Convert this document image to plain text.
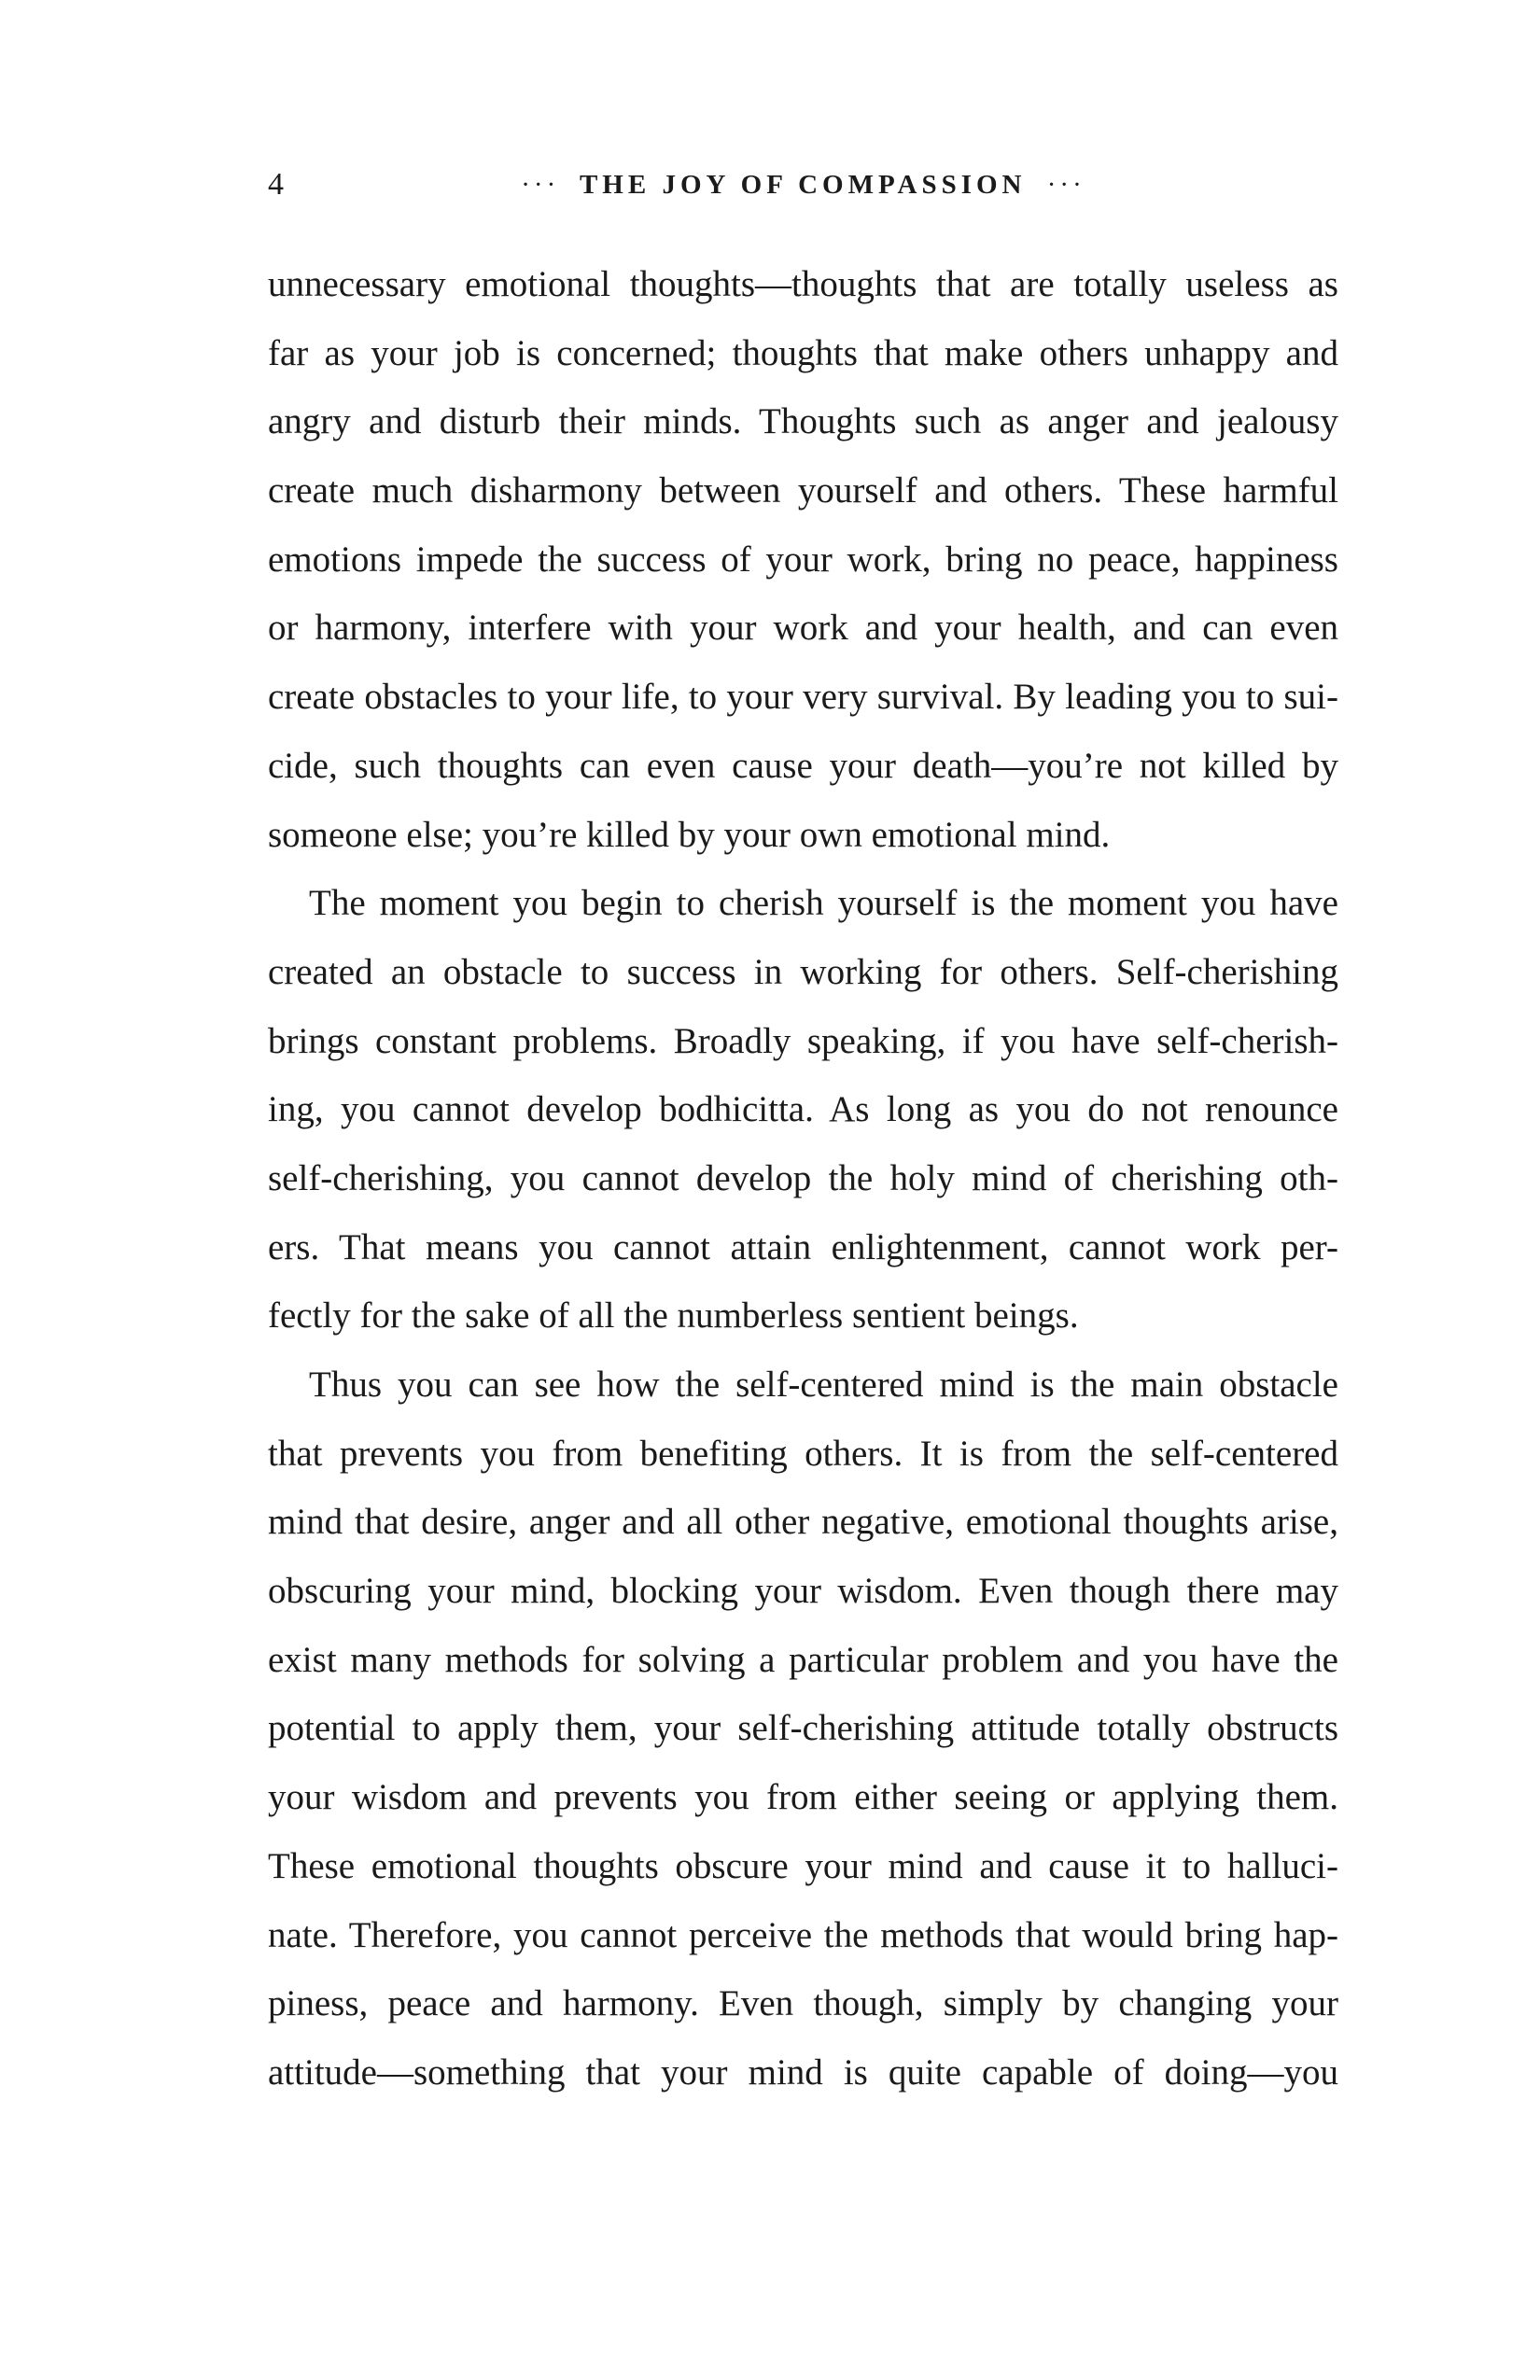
4	··· THE JOY OF COMPASSION ···
unnecessary emotional thoughts—thoughts that are totally useless as
far as your job is concerned; thoughts that make others unhappy and
angry and disturb their minds. Thoughts such as anger and jealousy
create much disharmony between yourself and others. These harmful
emotions impede the success of your work, bring no peace, happiness
or harmony, interfere with your work and your health, and can even
create obstacles to your life, to your very survival. By leading you to sui-
cide, such thoughts can even cause your death—you’re not killed by
someone else; you’re killed by your own emotional mind.
The moment you begin to cherish yourself is the moment you have
created an obstacle to success in working for others. Self-cherishing
brings constant problems. Broadly speaking, if you have self-cherish-
ing, you cannot develop bodhicitta. As long as you do not renounce
self-cherishing, you cannot develop the holy mind of cherishing oth-
ers. That means you cannot attain enlightenment, cannot work per-
fectly for the sake of all the numberless sentient beings.
Thus you can see how the self-centered mind is the main obstacle
that prevents you from benefiting others. It is from the self-centered
mind that desire, anger and all other negative, emotional thoughts arise,
obscuring your mind, blocking your wisdom. Even though there may
exist many methods for solving a particular problem and you have the
potential to apply them, your self-cherishing attitude totally obstructs
your wisdom and prevents you from either seeing or applying them.
These emotional thoughts obscure your mind and cause it to halluci-
nate. Therefore, you cannot perceive the methods that would bring hap-
piness, peace and harmony. Even though, simply by changing your
attitude—something that your mind is quite capable of doing—you
